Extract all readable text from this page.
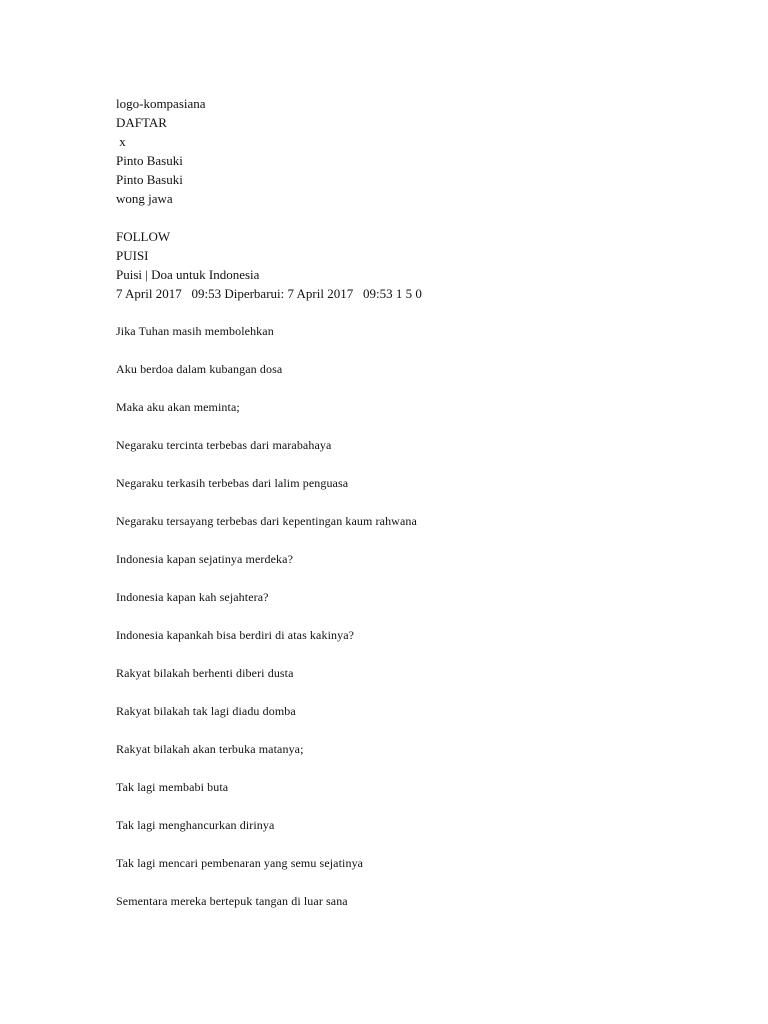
logo-kompasiana
DAFTAR
x
Pinto Basuki
Pinto Basuki
wong jawa
FOLLOW
PUISI
Puisi | Doa untuk Indonesia
7 April 2017   09:53 Diperbarui: 7 April 2017   09:53 1 5 0
Jika Tuhan masih membolehkan
Aku berdoa dalam kubangan dosa
Maka aku akan meminta;
Negaraku tercinta terbebas dari marabahaya
Negaraku terkasih terbebas dari lalim penguasa
Negaraku tersayang terbebas dari kepentingan kaum rahwana
Indonesia kapan sejatinya merdeka?
Indonesia kapan kah sejahtera?
Indonesia kapankah bisa berdiri di atas kakinya?
Rakyat bilakah berhenti diberi dusta
Rakyat bilakah tak lagi diadu domba
Rakyat bilakah akan terbuka matanya;
Tak lagi membabi buta
Tak lagi menghancurkan dirinya
Tak lagi mencari pembenaran yang semu sejatinya
Sementara mereka bertepuk tangan di luar sana
